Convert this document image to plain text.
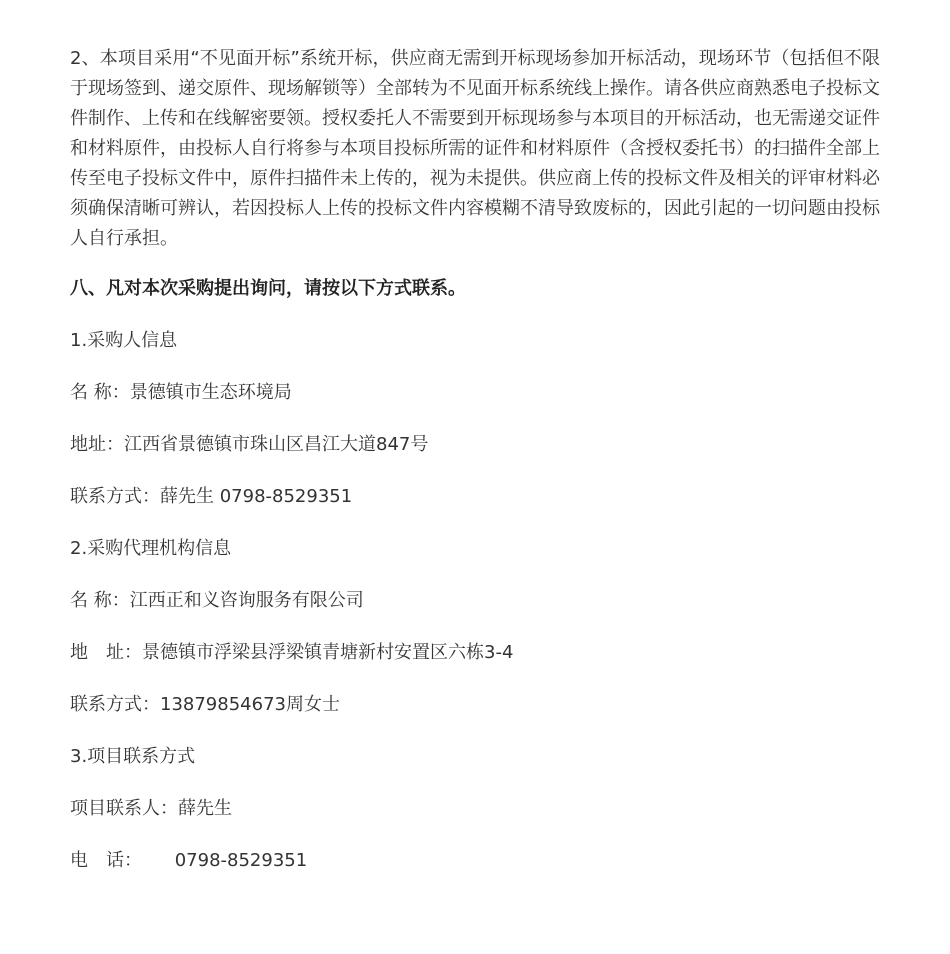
2、本项目采用“不见面开标”系统开标，供应商无需到开标现场参加开标活动，现场环节（包括但不限于现场签到、递交原件、现场解锁等）全部转为不见面开标系统线上操作。请各供应商熟悉电子投标文件制作、上传和在线解密要领。授权委托人不需要到开标现场参与本项目的开标活动，也无需递交证件和材料原件，由投标人自行将参与本项目投标所需的证件和材料原件（含授权委托书）的扫描件全部上传至电子投标文件中，原件扫描件未上传的，视为未提供。供应商上传的投标文件及相关的评审材料必须确保清晰可辨认，若因投标人上传的投标文件内容模糊不清导致废标的，因此引起的一切问题由投标人自行承担。

八、凡对本次采购提出询问，请按以下方式联系。

1.采购人信息

名 称：景德镇市生态环境局

地址：江西省景德镇市珠山区昌江大道847号

联系方式：薛先生 0798-8529351

2.采购代理机构信息

名 称：江西正和义咨询服务有限公司

地　址：景德镇市浮梁县浮梁镇青塘新村安置区六栋3-4

联系方式：13879854673周女士

3.项目联系方式

项目联系人：薛先生

电　话：　　 0798-8529351
